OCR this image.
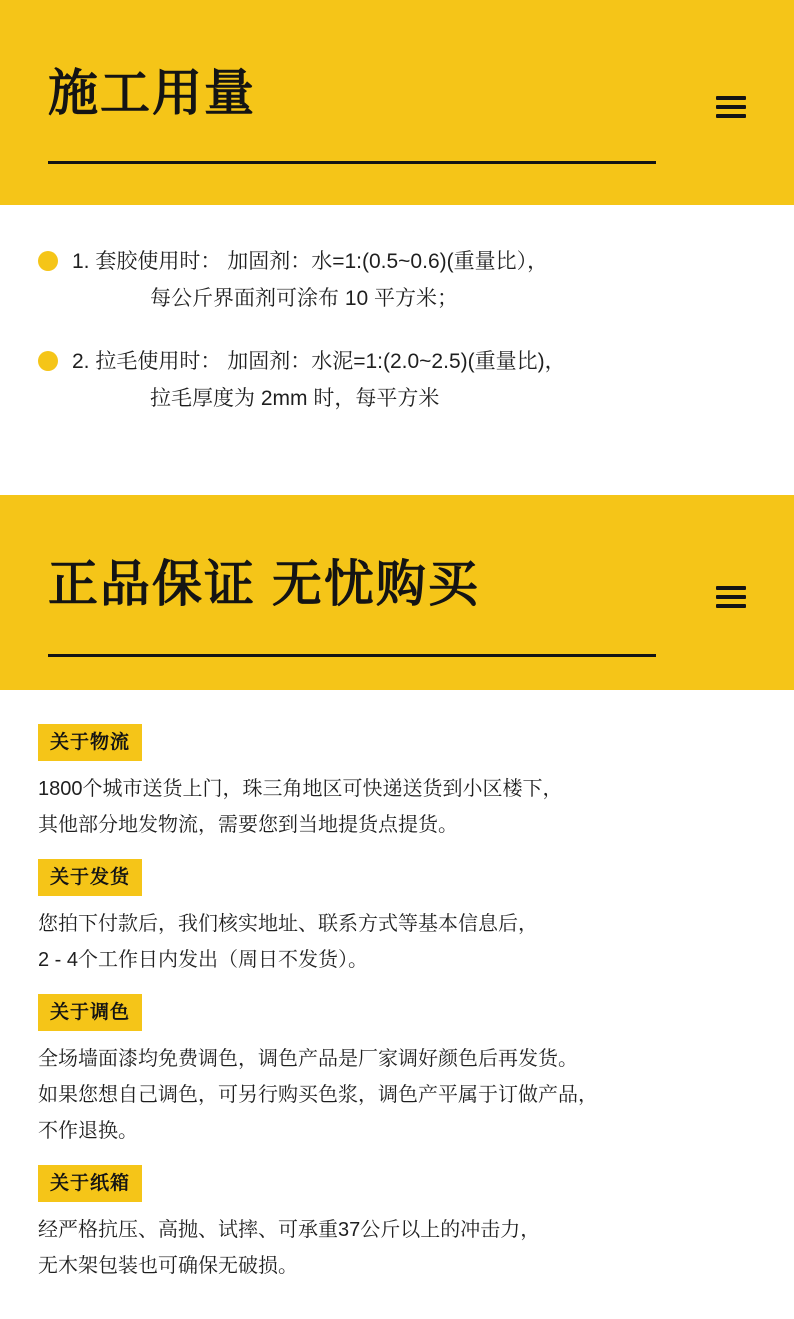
施工用量
1. 套胶使用时： 加固剂：水=1:(0.5~0.6)(重量比），
每公斤界面剂可涂布 10 平方米；
2. 拉毛使用时： 加固剂：水泥=1:(2.0~2.5)(重量比)，
拉毛厚度为 2mm 时，每平方米
正品保证 无忧购买
关于物流

1800个城市送货上门，珠三角地区可快递送货到小区楼下，

其他部分地发物流，需要您到当地提货点提货。

关于发货

您拍下付款后，我们核实地址、联系方式等基本信息后，

2 - 4个工作日内发出（周日不发货）。

关于调色

全场墙面漆均免费调色，调色产品是厂家调好颜色后再发货。

如果您想自己调色，可另行购买色浆，调色产平属于订做产品，

不作退换。

关于纸箱

经严格抗压、高抛、试摔、可承重37公斤以上的冲击力，

无木架包装也可确保无破损。
